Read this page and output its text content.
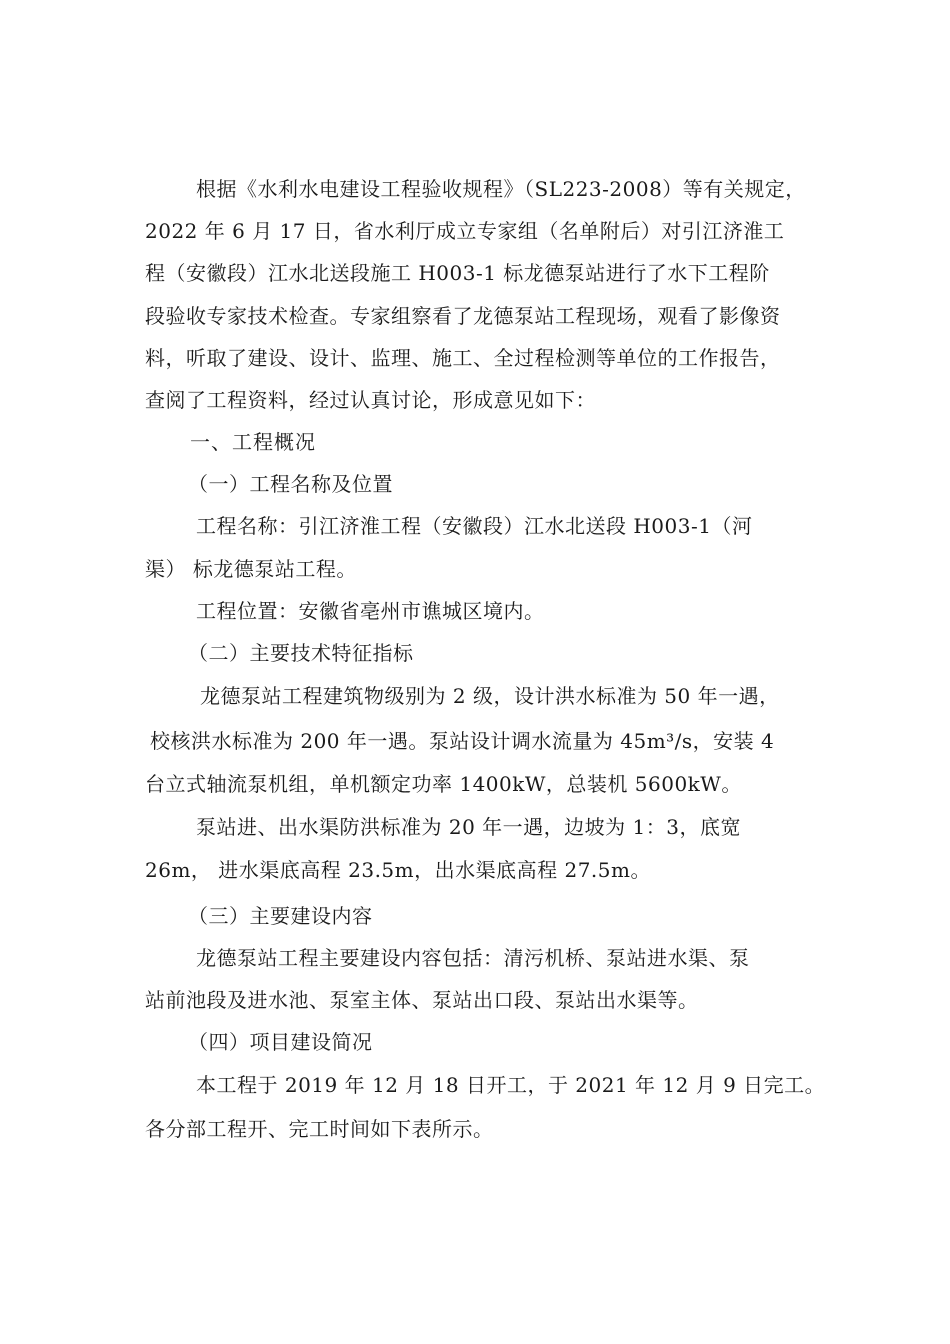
根据《水利水电建设工程验收规程》（SL223-2008）等有关规定，
2022 年 6 月 17 日，省水利厅成立专家组（名单附后）对引江济淮工
程（安徽段）江水北送段施工 H003-1 标龙德泵站进行了水下工程阶
段验收专家技术检查。专家组察看了龙德泵站工程现场，观看了影像资
料，听取了建设、设计、监理、施工、全过程检测等单位的工作报告，
查阅了工程资料，经过认真讨论，形成意见如下：
一、工程概况
（一）工程名称及位置
工程名称：引江济淮工程（安徽段）江水北送段 H003-1（河
渠） 标龙德泵站工程。
工程位置：安徽省亳州市谯城区境内。
（二）主要技术特征指标
龙德泵站工程建筑物级别为 2 级，设计洪水标准为 50 年一遇，
校核洪水标准为 200 年一遇。泵站设计调水流量为 45m³/s，安装 4
台立式轴流泵机组，单机额定功率 1400kW，总装机 5600kW。
泵站进、出水渠防洪标准为 20 年一遇，边坡为 1：3，底宽
26m， 进水渠底高程 23.5m，出水渠底高程 27.5m。
（三）主要建设内容
龙德泵站工程主要建设内容包括：清污机桥、泵站进水渠、泵
站前池段及进水池、泵室主体、泵站出口段、泵站出水渠等。
（四）项目建设简况
本工程于 2019 年 12 月 18 日开工，于 2021 年 12 月 9 日完工。
各分部工程开、完工时间如下表所示。
